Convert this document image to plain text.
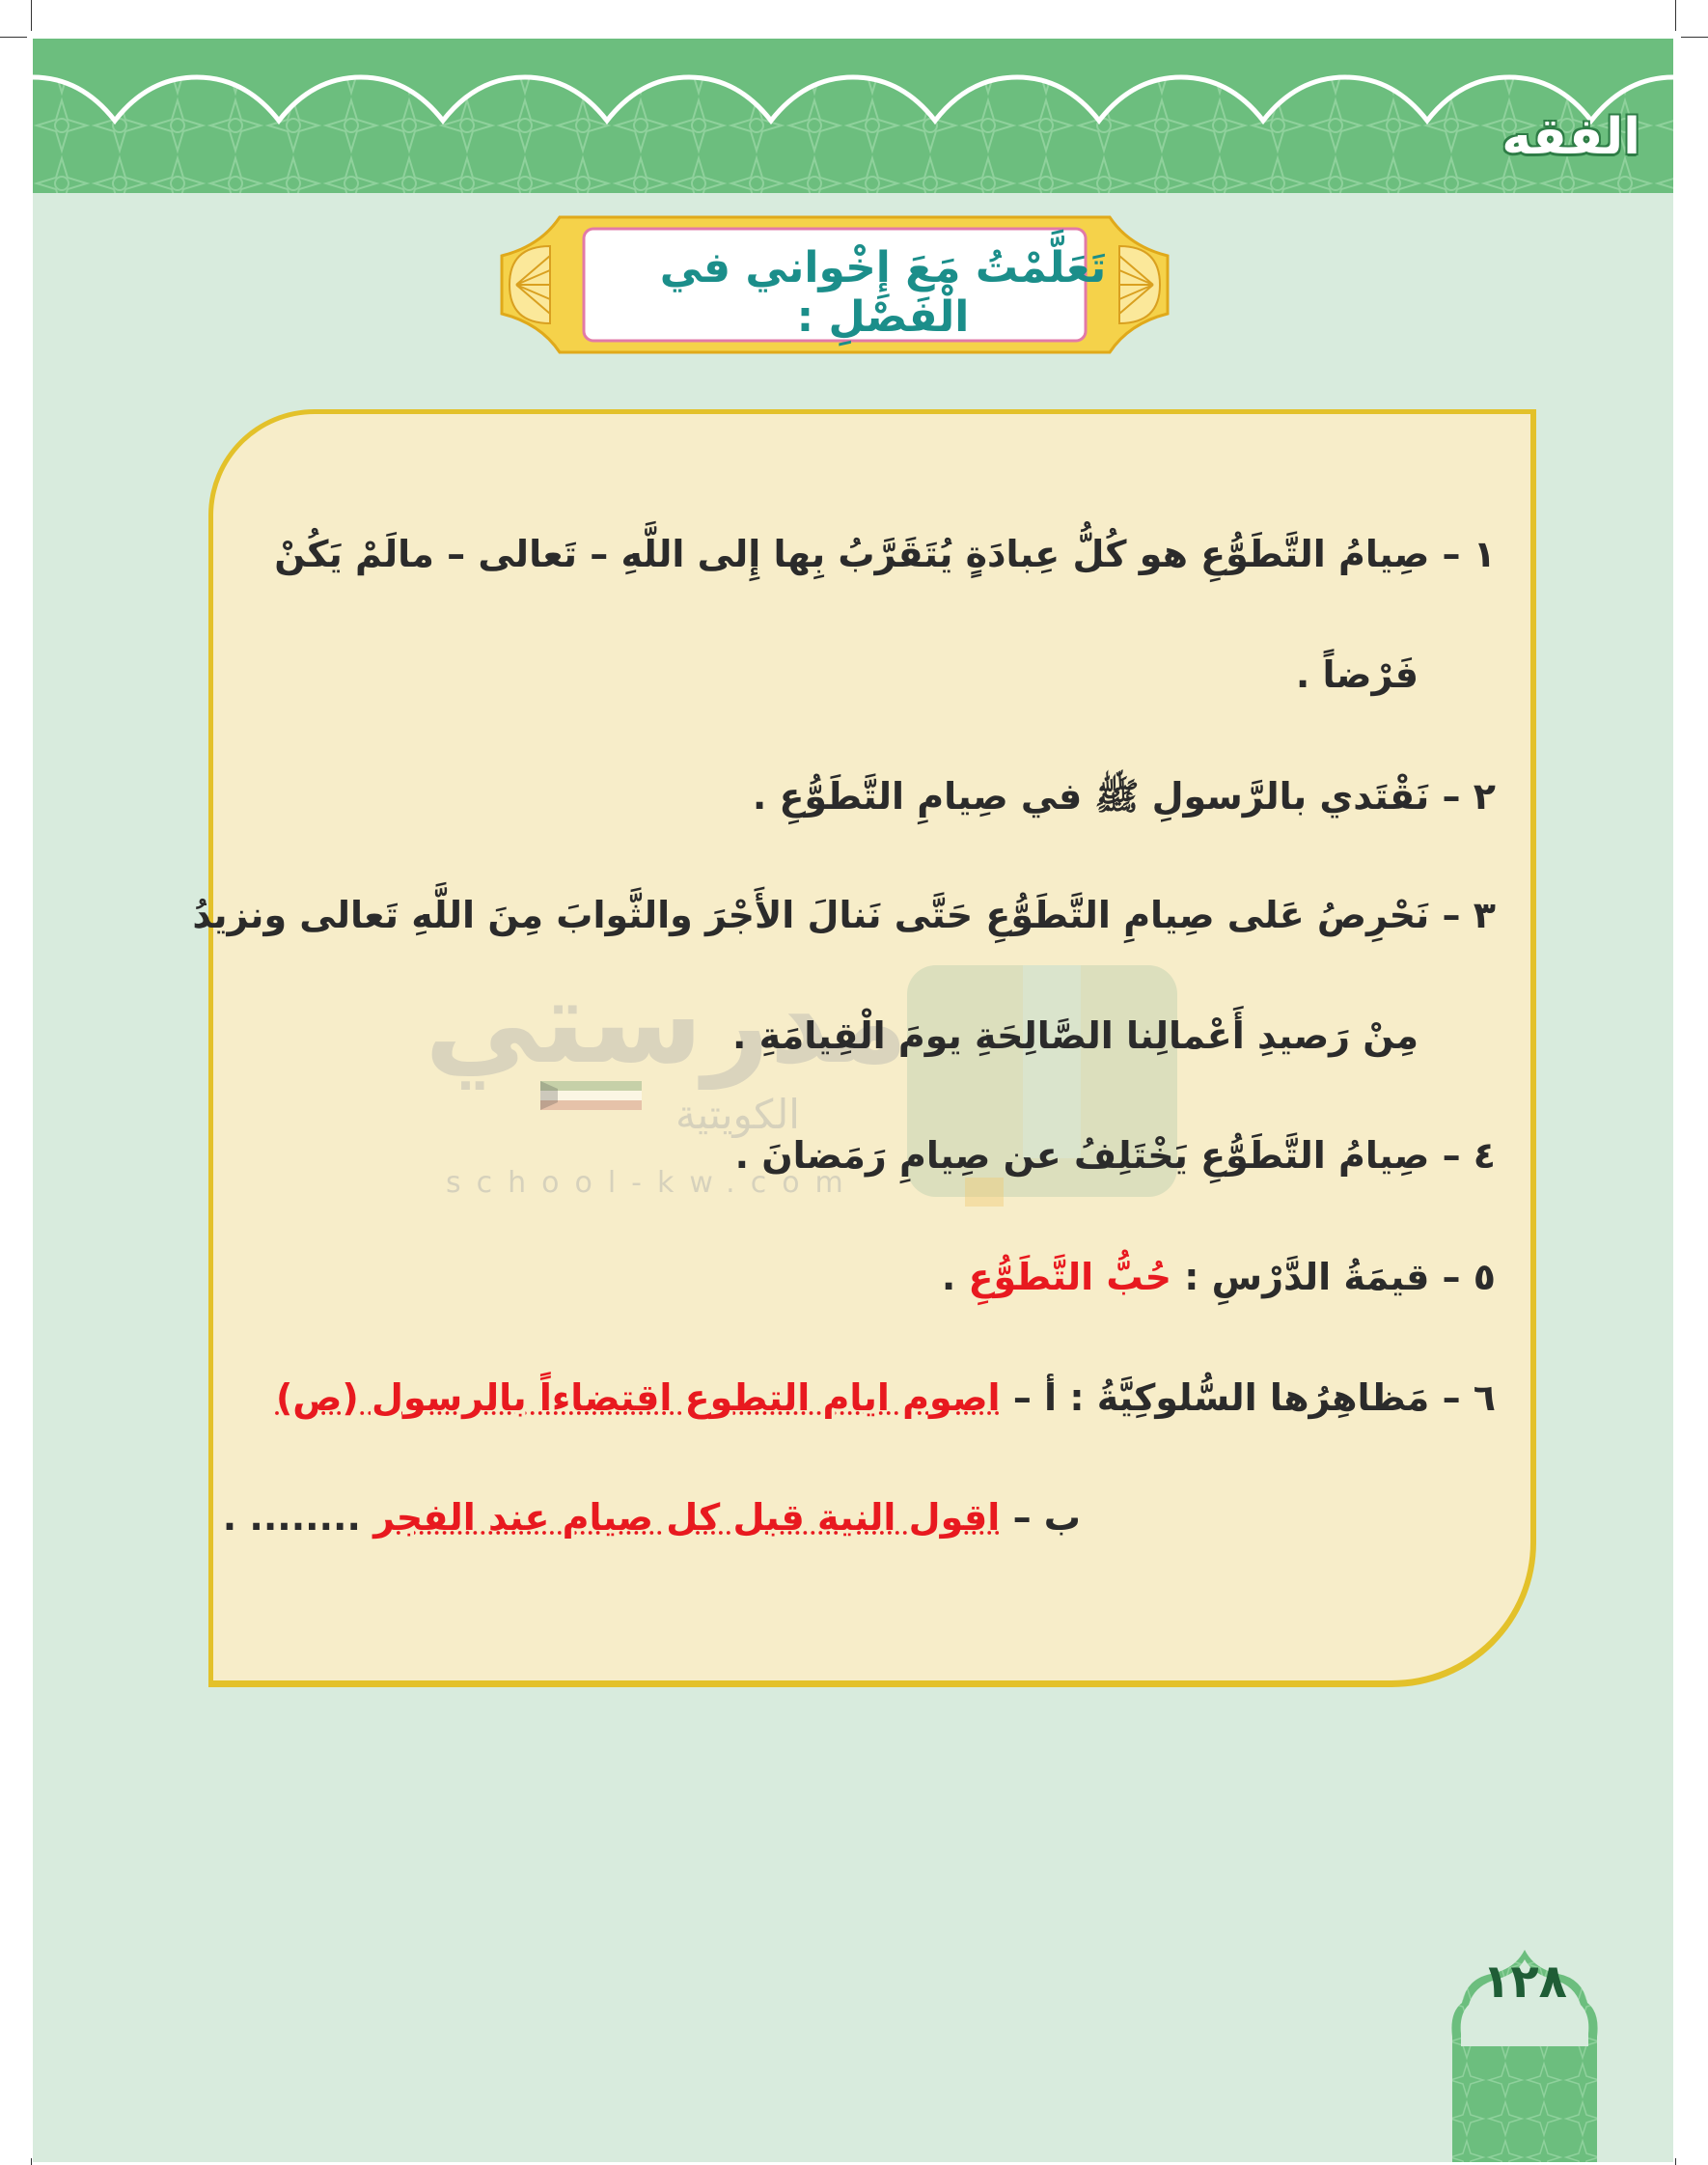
الفقه
تَعَلَّمْتُ مَعَ إِخْواني في الْفَصْلِ :
مدرستي
الكويتية
school-kw.com

١ – صِيامُ التَّطَوُّعِ هو كُلُّ عِبادَةٍ يُتَقَرَّبُ بِها إِلى اللَّهِ – تَعالى – مالَمْ يَكُنْ

فَرْضاً .

٢ – نَقْتَدي بالرَّسولِ ﷺ في صِيامِ التَّطَوُّعِ .

٣ – نَحْرِصُ عَلى صِيامِ التَّطَوُّعِ حَتَّى نَنالَ الأَجْرَ والثَّوابَ مِنَ اللَّهِ تَعالى ونزيدُ

مِنْ رَصيدِ أَعْمالِنا الصَّالِحَةِ يومَ الْقِيامَةِ .

٤ – صِيامُ التَّطَوُّعِ يَخْتَلِفُ عن صِيامِ رَمَضانَ .

٥ – قيمَةُ الدَّرْسِ : حُبُّ التَّطَوُّعِ .

٦ – مَظاهِرُها السُّلوكِيَّةُ : أ – اصوم ايام التطوع اقتضاءاً بالرسول (ص)

ب – اقول النية قبل كل صيام عند الفجر ........ .

١٢٨
